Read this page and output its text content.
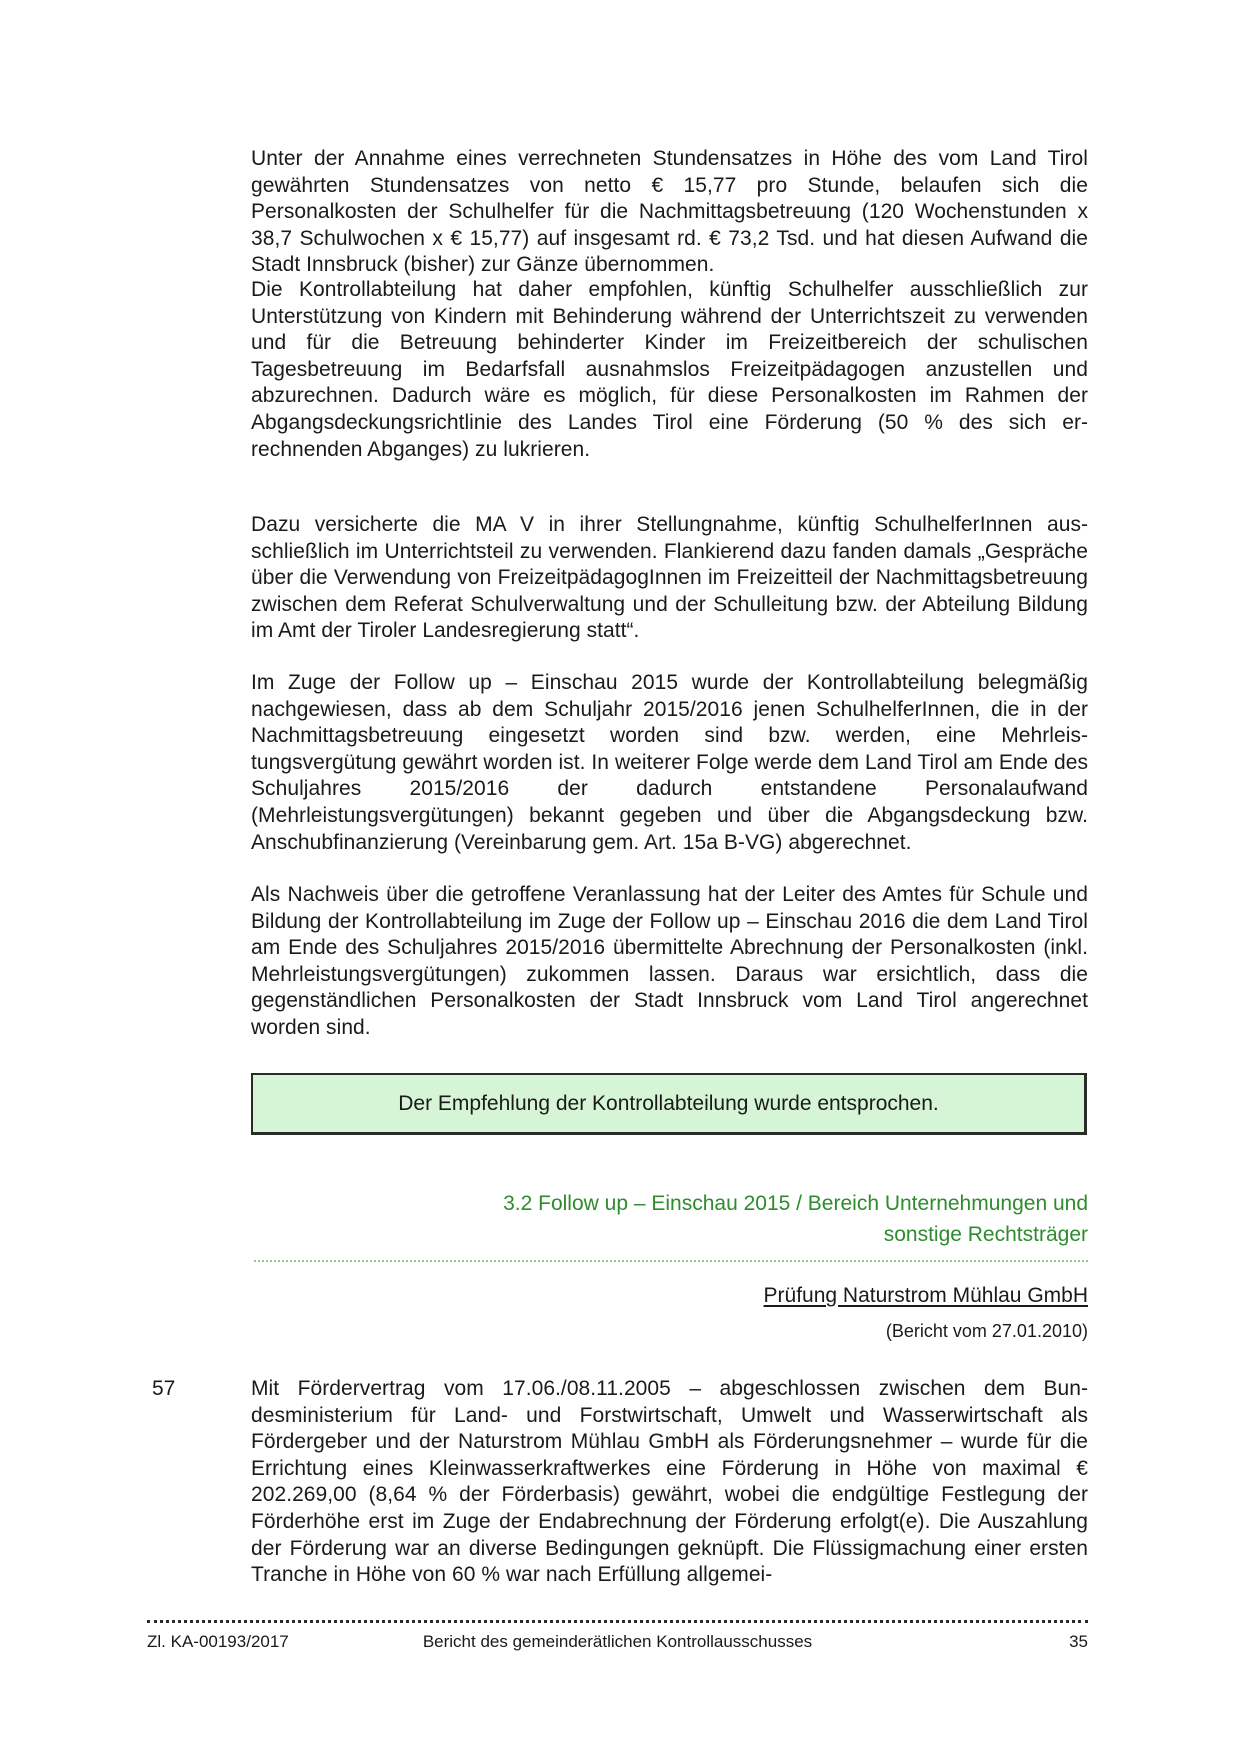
Unter der Annahme eines verrechneten Stundensatzes in Höhe des vom Land Tirol gewährten Stundensatzes von netto € 15,77 pro Stunde, belaufen sich die Personalkosten der Schulhelfer für die Nachmittagsbetreuung (120 Wochenstunden x 38,7 Schulwochen x € 15,77) auf insgesamt rd. € 73,2 Tsd. und hat diesen Aufwand die Stadt Innsbruck (bisher) zur Gänze übernommen.

Die Kontrollabteilung hat daher empfohlen, künftig Schulhelfer ausschließlich zur Unterstützung von Kindern mit Behinderung während der Unterrichtszeit zu verwenden und für die Betreuung behinderter Kinder im Freizeitbereich der schulischen Tagesbetreuung im Bedarfsfall ausnahmslos Freizeitpädagogen anzustellen und abzurechnen. Dadurch wäre es möglich, für diese Personalkosten im Rahmen der Abgangsdeckungsrichtlinie des Landes Tirol eine Förderung (50 % des sich errechnenden Abganges) zu lukrieren.

Dazu versicherte die MA V in ihrer Stellungnahme, künftig SchulhelferInnen ausschließlich im Unterrichtsteil zu verwenden. Flankierend dazu fanden damals „Gespräche über die Verwendung von FreizeitpädagogInnen im Freizeitteil der Nachmittagsbetreuung zwischen dem Referat Schulverwaltung und der Schulleitung bzw. der Abteilung Bildung im Amt der Tiroler Landesregierung statt“.

Im Zuge der Follow up – Einschau 2015 wurde der Kontrollabteilung belegmäßig nachgewiesen, dass ab dem Schuljahr 2015/2016 jenen SchulhelferInnen, die in der Nachmittagsbetreuung eingesetzt worden sind bzw. werden, eine Mehrleistungsvergütung gewährt worden ist. In weiterer Folge werde dem Land Tirol am Ende des Schuljahres 2015/2016 der dadurch entstandene Personalaufwand (Mehrleistungsvergütungen) bekannt gegeben und über die Abgangsdeckung bzw. Anschubfinanzierung (Vereinbarung gem. Art. 15a B-VG) abgerechnet.

Als Nachweis über die getroffene Veranlassung hat der Leiter des Amtes für Schule und Bildung der Kontrollabteilung im Zuge der Follow up – Einschau 2016 die dem Land Tirol am Ende des Schuljahres 2015/2016 übermittelte Abrechnung der Personalkosten (inkl. Mehrleistungsvergütungen) zukommen lassen. Daraus war ersichtlich, dass die gegenständlichen Personalkosten der Stadt Innsbruck vom Land Tirol angerechnet worden sind.

Der Empfehlung der Kontrollabteilung wurde entsprochen.
3.2 Follow up – Einschau 2015 / Bereich Unternehmungen und
sonstige Rechtsträger
Prüfung Naturstrom Mühlau GmbH
(Bericht vom 27.01.2010)
57	Mit Fördervertrag vom 17.06./08.11.2005 – abgeschlossen zwischen dem Bundesministerium für Land- und Forstwirtschaft, Umwelt und Wasserwirtschaft als Fördergeber und der Naturstrom Mühlau GmbH als Förderungsnehmer – wurde für die Errichtung eines Kleinwasserkraftwerkes eine Förderung in Höhe von maximal € 202.269,00 (8,64 % der Förderbasis) gewährt, wobei die endgültige Festlegung der Förderhöhe erst im Zuge der Endabrechnung der Förderung erfolgt(e). Die Auszahlung der Förderung war an diverse Bedingungen geknüpft. Die Flüssigmachung einer ersten Tranche in Höhe von 60 % war nach Erfüllung allgemei-

Zl. KA-00193/2017	Bericht des gemeinderätlichen Kontrollausschusses	35
